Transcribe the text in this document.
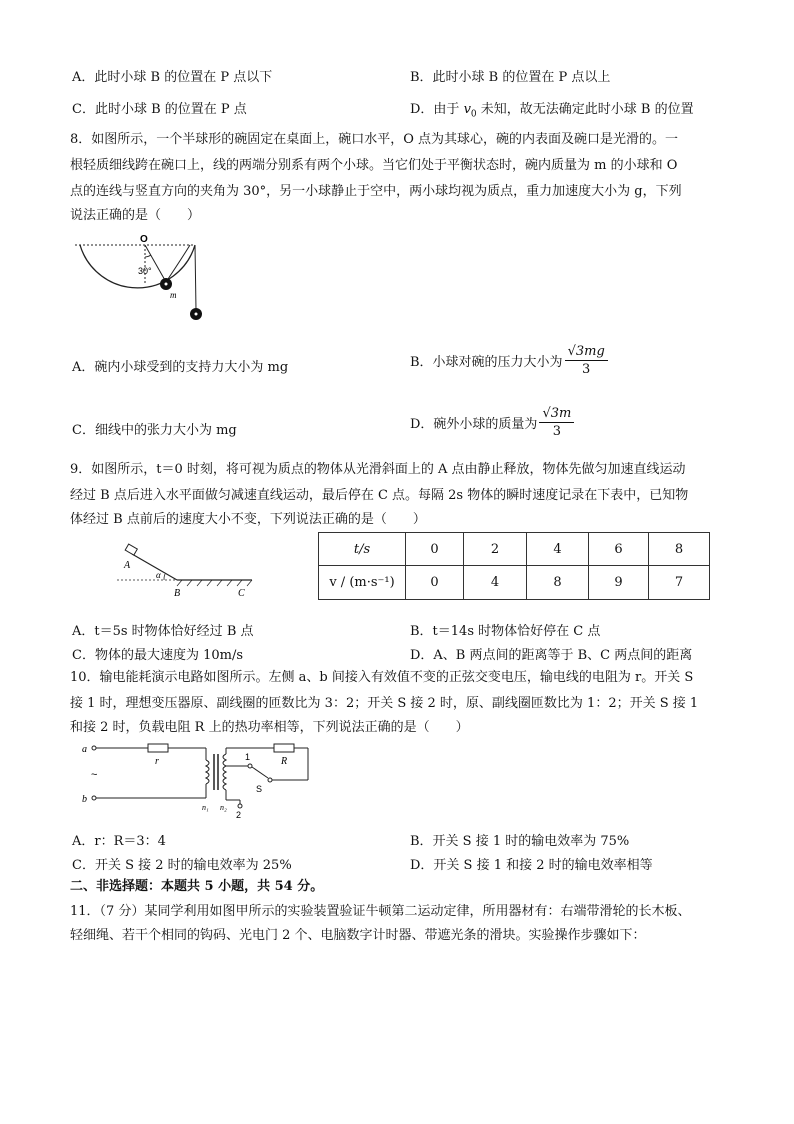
A．此时小球 B 的位置在 P 点以下	B．此时小球 B 的位置在 P 点以上
C．此时小球 B 的位置在 P 点	D．由于 $v_0$ 未知，故无法确定此时小球 B 的位置
8．如图所示，一个半球形的碗固定在桌面上，碗口水平，O 点为其球心，碗的内表面及碗口是光滑的。一
根轻质细线跨在碗口上，线的两端分别系有两个小球。当它们处于平衡状态时，碗内质量为 m 的小球和 O
点的连线与竖直方向的夹角为 30°，另一小球静止于空中，两小球均视为质点，重力加速度大小为 g，下列
说法正确的是（　　）
O
30°
m
A．碗内小球受到的支持力大小为 mg	B．小球对碗的压力大小为 $\frac{√3mg}{3}$
C．细线中的张力大小为 mg	D．碗外小球的质量为 $\frac{√3m}{3}$
9．如图所示，t＝0 时刻，将可视为质点的物体从光滑斜面上的 A 点由静止释放，物体先做匀加速直线运动
经过 B 点后进入水平面做匀减速直线运动，最后停在 C 点。每隔 2s 物体的瞬时速度记录在下表中，已知物
体经过 B 点前后的速度大小不变，下列说法正确的是（　　）
A
α
B	C
t/s	0	2	4	6	8
v / (m·s⁻¹)	0	4	8	9	7
A．t＝5s 时物体恰好经过 B 点	B．t＝14s 时物体恰好停在 C 点
C．物体的最大速度为 10m/s	D．A、B 两点间的距离等于 B、C 两点间的距离
10．输电能耗演示电路如图所示。左侧 a、b 间接入有效值不变的正弦交变电压，输电线的电阻为 r。开关 S
接 1 时，理想变压器原、副线圈的匝数比为 3：2；开关 S 接 2 时，原、副线圈匝数比为 1：2；开关 S 接 1
和接 2 时，负载电阻 R 上的热功率相等，下列说法正确的是（　　）
a
b
~
r	R
n₁ n₂
1
2
S
A．r：R＝3：4	B．开关 S 接 1 时的输电效率为 75%
C．开关 S 接 2 时的输电效率为 25%	D．开关 S 接 1 和接 2 时的输电效率相等
二、非选择题：本题共 5 小题，共 54 分。
11．（7 分）某同学利用如图甲所示的实验装置验证牛顿第二运动定律，所用器材有：右端带滑轮的长木板、
轻细绳、若干个相同的钩码、光电门 2 个、电脑数字计时器、带遮光条的滑块。实验操作步骤如下：
